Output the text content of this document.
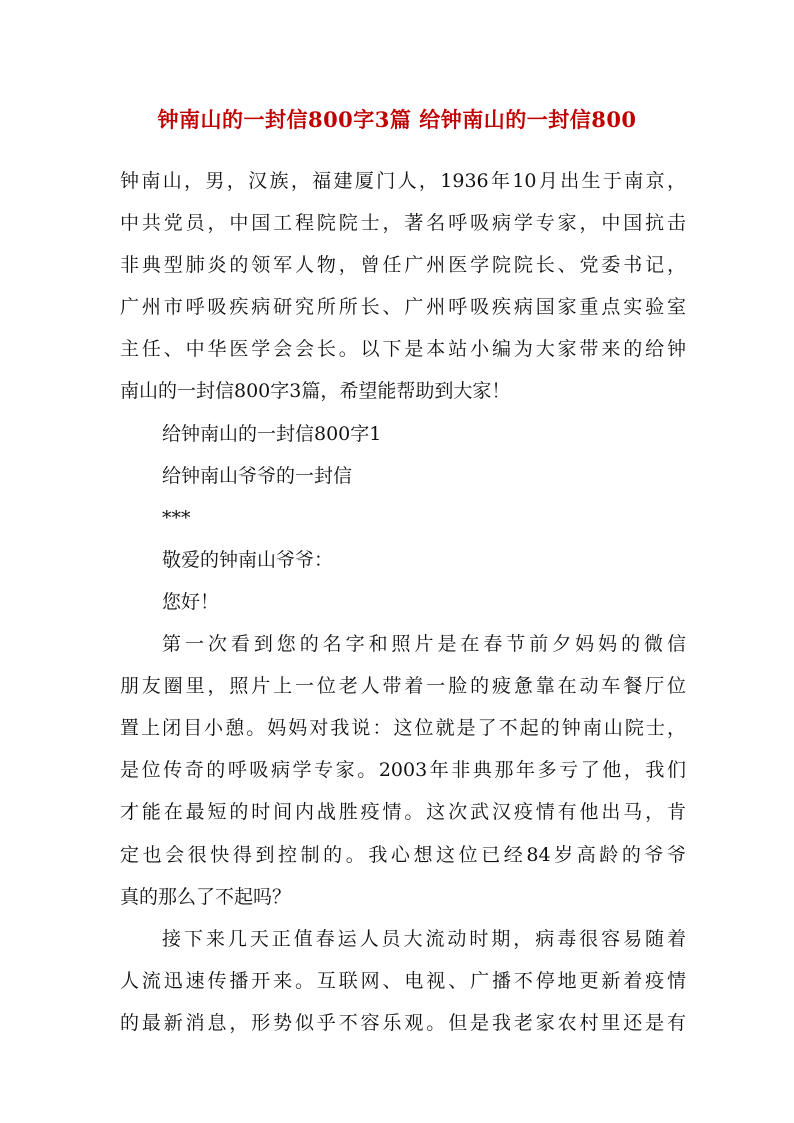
钟南山的一封信800字3篇 给钟南山的一封信800
钟南山，男，汉族，福建厦门人，1936年10月出生于南京，
中共党员，中国工程院院士，著名呼吸病学专家，中国抗击
非典型肺炎的领军人物，曾任广州医学院院长、党委书记，
广州市呼吸疾病研究所所长、广州呼吸疾病国家重点实验室
主任、中华医学会会长。以下是本站小编为大家带来的给钟
南山的一封信800字3篇，希望能帮助到大家！
给钟南山的一封信800字1
给钟南山爷爷的一封信
***
敬爱的钟南山爷爷：
您好！
第一次看到您的名字和照片是在春节前夕妈妈的微信
朋友圈里，照片上一位老人带着一脸的疲惫靠在动车餐厅位
置上闭目小憩。妈妈对我说：这位就是了不起的钟南山院士，
是位传奇的呼吸病学专家。2003年非典那年多亏了他，我们
才能在最短的时间内战胜疫情。这次武汉疫情有他出马，肯
定也会很快得到控制的。我心想这位已经84岁高龄的爷爷
真的那么了不起吗？
接下来几天正值春运人员大流动时期，病毒很容易随着
人流迅速传播开来。互联网、电视、广播不停地更新着疫情
的最新消息，形势似乎不容乐观。但是我老家农村里还是有
